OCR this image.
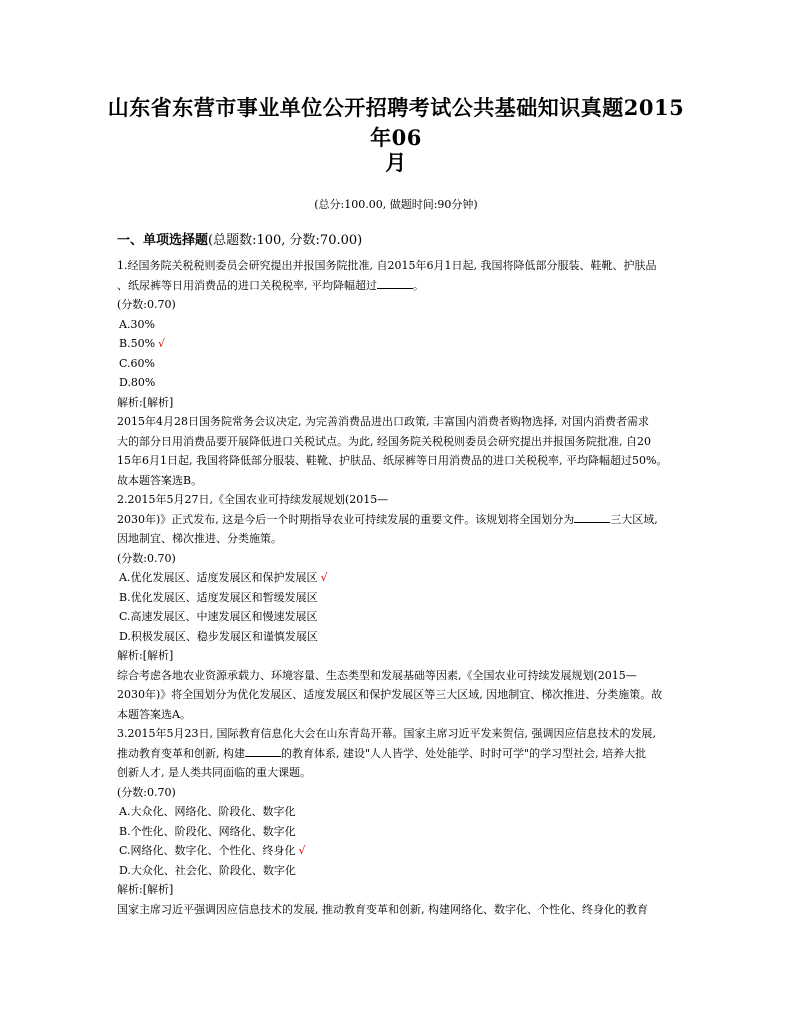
山东省东营市事业单位公开招聘考试公共基础知识真题2015年06
月
(总分:100.00, 做题时间:90分钟)
一、单项选择题(总题数:100, 分数:70.00)

1.经国务院关税税则委员会研究提出并报国务院批准, 自2015年6月1日起, 我国将降低部分服装、鞋靴、护肤品

、纸尿裤等日用消费品的进口关税税率, 平均降幅超过	。

(分数:0.70)

A.30%

B.50% √

C.60%

D.80%

解析:[解析]

2015年4月28日国务院常务会议决定, 为完善消费品进出口政策, 丰富国内消费者购物选择, 对国内消费者需求

大的部分日用消费品要开展降低进口关税试点。为此, 经国务院关税税则委员会研究提出并报国务院批准, 自20

15年6月1日起, 我国将降低部分服装、鞋靴、护肤品、纸尿裤等日用消费品的进口关税税率, 平均降幅超过50%。

故本题答案选B。

2.2015年5月27日,《全国农业可持续发展规划(2015—

2030年)》正式发布, 这是今后一个时期指导农业可持续发展的重要文件。该规划将全国划分为	三大区域,

因地制宜、梯次推进、分类施策。

(分数:0.70)

A.优化发展区、适度发展区和保护发展区 √

B.优化发展区、适度发展区和暂缓发展区

C.高速发展区、中速发展区和慢速发展区

D.积极发展区、稳步发展区和谨慎发展区

解析:[解析]

综合考虑各地农业资源承载力、环境容量、生态类型和发展基础等因素,《全国农业可持续发展规划(2015—

2030年)》将全国划分为优化发展区、适度发展区和保护发展区等三大区域, 因地制宜、梯次推进、分类施策。故

本题答案选A。

3.2015年5月23日, 国际教育信息化大会在山东青岛开幕。国家主席习近平发来贺信, 强调因应信息技术的发展,

推动教育变革和创新, 构建	的教育体系, 建设"人人皆学、处处能学、时时可学"的学习型社会, 培养大批

创新人才, 是人类共同面临的重大课题。

(分数:0.70)

A.大众化、网络化、阶段化、数字化

B.个性化、阶段化、网络化、数字化

C.网络化、数字化、个性化、终身化 √

D.大众化、社会化、阶段化、数字化

解析:[解析]

国家主席习近平强调因应信息技术的发展, 推动教育变革和创新, 构建网络化、数字化、个性化、终身化的教育
